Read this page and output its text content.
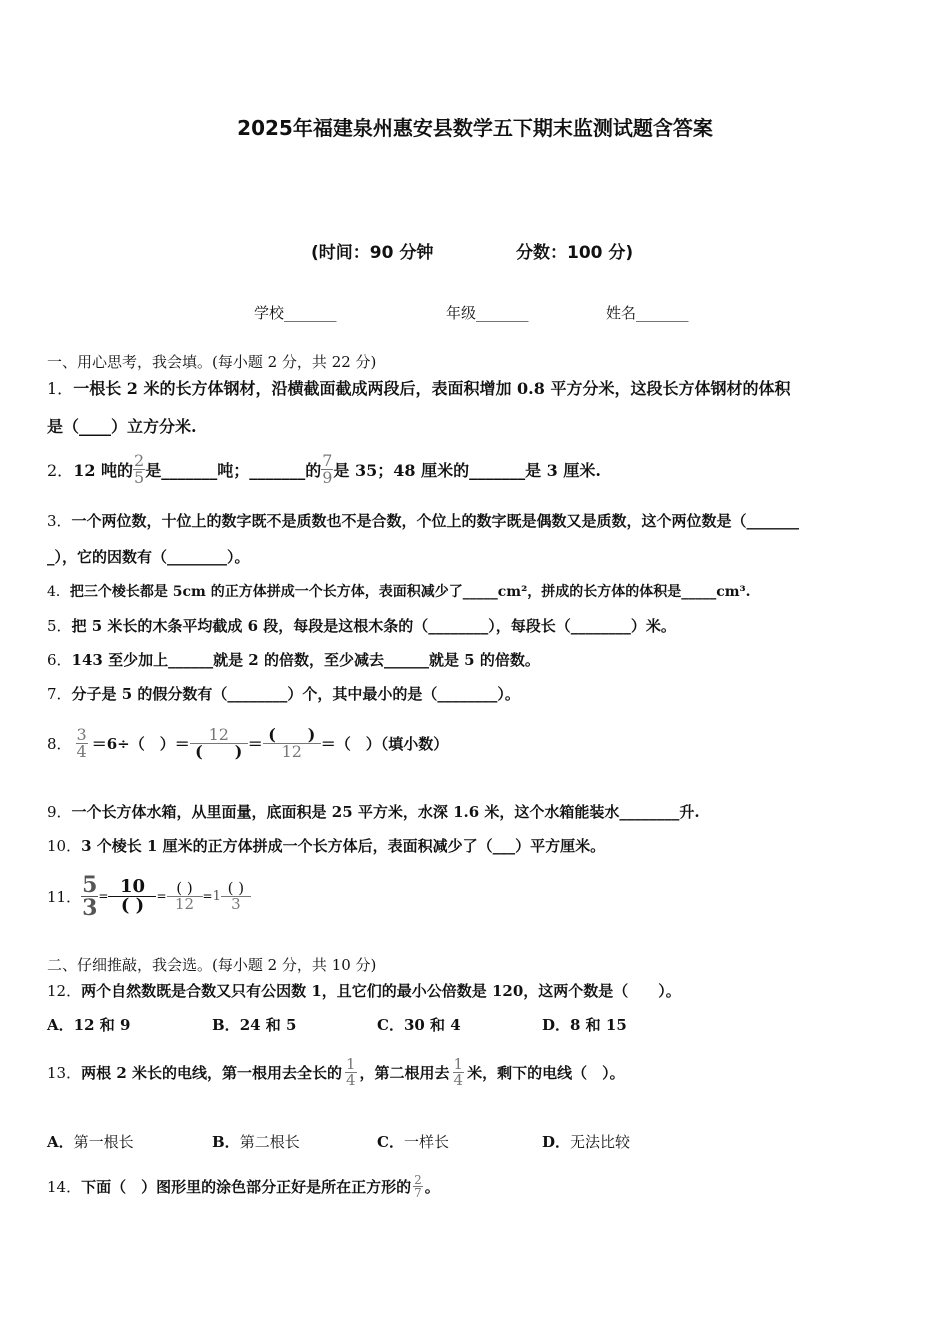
2025年福建泉州惠安县数学五下期末监测试题含答案
(时间：90 分钟	分数：100 分)
学校_______	年级_______	姓名_______
一、用心思考，我会填。(每小题 2 分，共 22 分)
1．一根长 2 米的长方体钢材，沿横截面截成两段后，表面积增加 0.8 平方分米，这段长方体钢材的体积
是（____）立方分米.
2． 12 吨的 $\frac{2}{5}$ 是_______吨；_______的 $\frac{7}{9}$ 是 35；48 厘米的_______是 3 厘米.
3．一个两位数，十位上的数字既不是质数也不是合数，个位上的数字既是偶数又是质数，这个两位数是（_______
_），它的因数有（________）。
4．把三个棱长都是 5cm 的正方体拼成一个长方体，表面积减少了_____cm²，拼成的长方体的体积是_____cm³.
5．把 5 米长的木条平均截成 6 段，每段是这根木条的（________），每段长（________）米。
6．143 至少加上______就是 2 的倍数，至少减去______就是 5 的倍数。
7．分子是 5 的假分数有（________）个，其中最小的是（________）。
8． $\frac{3}{4} =6\div$（　）＝ $\frac{12}{( )} = \frac{( )}{12}$ ＝（　）（填小数）
9．一个长方体水箱，从里面量，底面积是 25 平方米，水深 1.6 米，这个水箱能装水________升.
10．3 个棱长 1 厘米的正方体拼成一个长方体后，表面积减少了（___）平方厘米。
11． $\frac{5}{3} = \frac{10}{( )} = \frac{( )}{12} = 1 \frac{( )}{3}$
二、仔细推敲，我会选。(每小题 2 分，共 10 分)
12．两个自然数既是合数又只有公因数 1，且它们的最小公倍数是 120，这两个数是（　　）。
A．12 和 9	B．24 和 5	C．30 和 4	D．8 和 15
13． 两根 2 米长的电线，第一根用去全长的 $\frac{1}{4}$ ，第二根用去 $\frac{1}{4}$ 米，剩下的电线（　）。
A．第一根长	B．第二根长	C．一样长	D．无法比较
14． 下面（　）图形里的涂色部分正好是所在正方形的 $\frac{2}{7}$ 。
